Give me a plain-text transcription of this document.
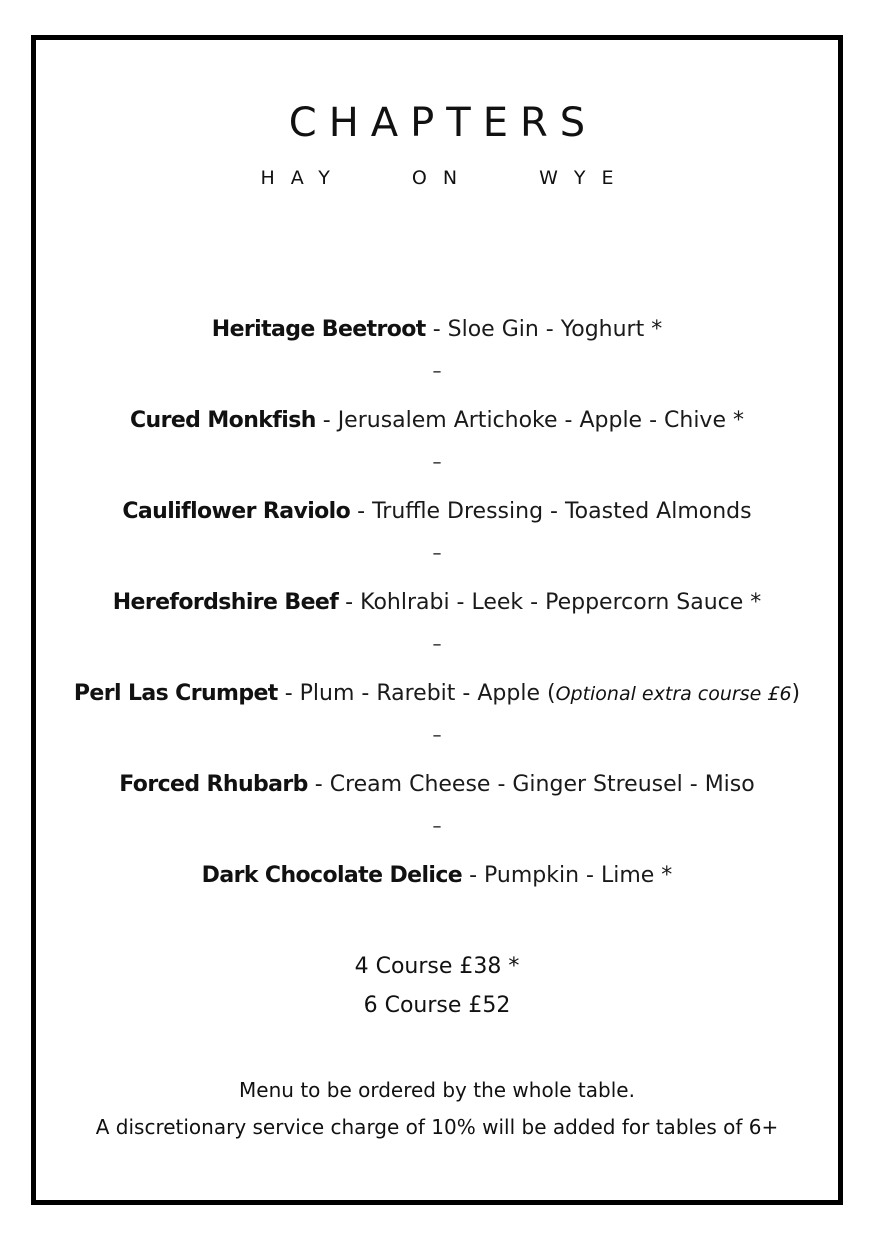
CHAPTERS
HAY	ON	WYE
Heritage Beetroot - Sloe Gin - Yoghurt *
–
Cured Monkfish - Jerusalem Artichoke - Apple - Chive *
–
Cauliflower Raviolo - Truffle Dressing - Toasted Almonds
–
Herefordshire Beef - Kohlrabi - Leek - Peppercorn Sauce *
–
Perl Las Crumpet - Plum - Rarebit - Apple (Optional extra course £6)
–
Forced Rhubarb - Cream Cheese - Ginger Streusel - Miso
–
Dark Chocolate Delice - Pumpkin - Lime *
4 Course £38 *
6 Course £52
Menu to be ordered by the whole table.
A discretionary service charge of 10% will be added for tables of 6+
